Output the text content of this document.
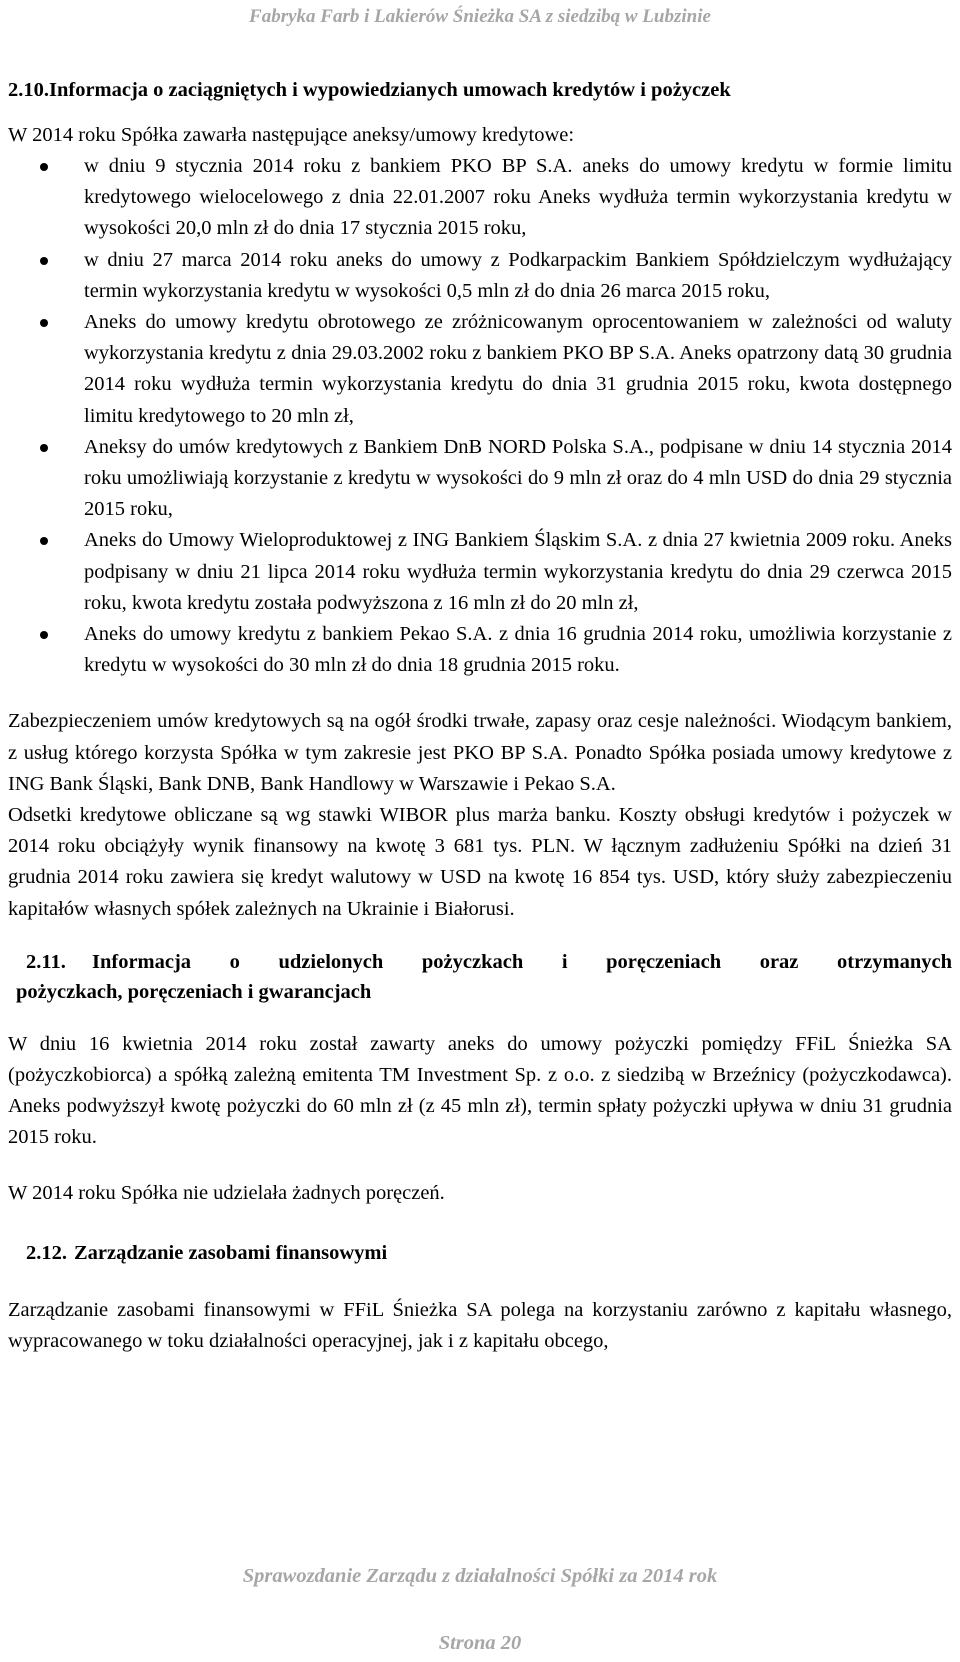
Fabryka Farb i Lakierów Śnieżka SA z siedzibą w Lubzinie
2.10.Informacja o zaciągniętych i wypowiedzianych umowach kredytów i pożyczek

W 2014 roku Spółka zawarła następujące aneksy/umowy kredytowe:

w dniu 9 stycznia 2014 roku z bankiem PKO BP S.A. aneks do umowy kredytu w formie limitu kredytowego wielocelowego z dnia 22.01.2007 roku Aneks wydłuża termin wykorzystania kredytu w wysokości 20,0 mln zł do dnia 17 stycznia 2015 roku,
w dniu 27 marca 2014 roku aneks do umowy z Podkarpackim Bankiem Spółdzielczym wydłużający termin wykorzystania kredytu w wysokości 0,5 mln zł do dnia 26 marca 2015 roku,
Aneks do umowy kredytu obrotowego ze zróżnicowanym oprocentowaniem w zależności od waluty wykorzystania kredytu z dnia 29.03.2002 roku z bankiem PKO BP S.A. Aneks opatrzony datą 30 grudnia 2014 roku wydłuża termin wykorzystania kredytu do dnia 31 grudnia 2015 roku, kwota dostępnego limitu kredytowego to 20 mln zł,
Aneksy do umów kredytowych z Bankiem DnB NORD Polska S.A., podpisane w dniu 14 stycznia 2014 roku umożliwiają korzystanie z kredytu w wysokości do 9 mln zł oraz do 4 mln USD do dnia 29 stycznia 2015 roku,
Aneks do Umowy Wieloproduktowej z ING Bankiem Śląskim S.A. z dnia 27 kwietnia 2009 roku. Aneks podpisany w dniu 21 lipca 2014 roku wydłuża termin wykorzystania kredytu do dnia 29 czerwca 2015 roku, kwota kredytu została podwyższona z 16 mln zł do 20 mln zł,
Aneks do umowy kredytu z bankiem Pekao S.A. z dnia 16 grudnia 2014 roku, umożliwia korzystanie z kredytu w wysokości do 30 mln zł do dnia 18 grudnia 2015 roku.

Zabezpieczeniem umów kredytowych są na ogół środki trwałe, zapasy oraz cesje należności. Wiodącym bankiem, z usług którego korzysta Spółka w tym zakresie jest PKO BP S.A. Ponadto Spółka posiada umowy kredytowe z ING Bank Śląski, Bank DNB, Bank Handlowy w Warszawie i Pekao S.A.

Odsetki kredytowe obliczane są wg stawki WIBOR plus marża banku. Koszty obsługi kredytów i pożyczek w 2014 roku obciążyły wynik finansowy na kwotę 3 681 tys. PLN. W łącznym zadłużeniu Spółki na dzień 31 grudnia 2014 roku zawiera się kredyt walutowy w USD na kwotę 16 854 tys. USD, który służy zabezpieczeniu kapitałów własnych spółek zależnych na Ukrainie i Białorusi.

2.11.	Informacja o udzielonych pożyczkach i poręczeniach oraz otrzymanych
pożyczkach, poręczeniach i gwarancjach

W dniu 16 kwietnia 2014 roku został zawarty aneks do umowy pożyczki pomiędzy FFiL Śnieżka SA (pożyczkobiorca) a spółką zależną emitenta TM Investment Sp. z o.o. z siedzibą w Brzeźnicy (pożyczkodawca). Aneks podwyższył kwotę pożyczki do 60 mln zł (z 45 mln zł), termin spłaty pożyczki upływa w dniu 31 grudnia 2015 roku.

W 2014 roku Spółka nie udzielała żadnych poręczeń.

2.12. Zarządzanie zasobami finansowymi

Zarządzanie zasobami finansowymi w FFiL Śnieżka SA polega na korzystaniu zarówno z kapitału własnego, wypracowanego w toku działalności operacyjnej, jak i z kapitału obcego,

Sprawozdanie Zarządu z działalności Spółki za 2014 rok
Strona 20
